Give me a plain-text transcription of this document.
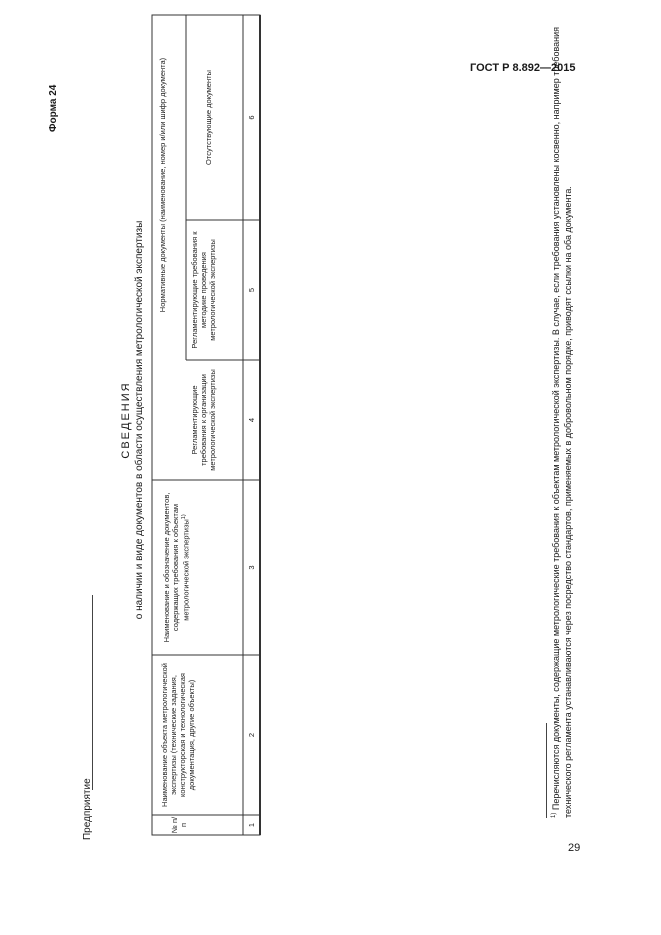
ГОСТ Р 8.892—2015
29
Форма 24
Предприятие
СВЕДЕНИЯ о наличии и виде документов в области осуществления метрологической экспертизы
№ п/п
Наименование объекта метрологической экспертизы (технические задания, конструкторская и технологическая документация, другие объекты)
Наименование и обозначение документов, содержащих требования к объектам метрологической экспертизы$^{1)}$
Регламентирующие требования к организации метрологической экспертизы
Нормативные документы (наименование, номер и/или шифр документа)	Регламентирующие требования к методике проведения метрологической экспертизы
Отсутствующие документы
1
2
3
4
5
6
$^{1)}$ Перечисляются документы, содержащие метрологические требования к объектам метрологической экспертизы. В случае, если требования установлены косвенно, например требования технического регламента устанавливаются через посредство стандартов, применяемых в добровольном порядке, приводят ссылки на оба документа.
